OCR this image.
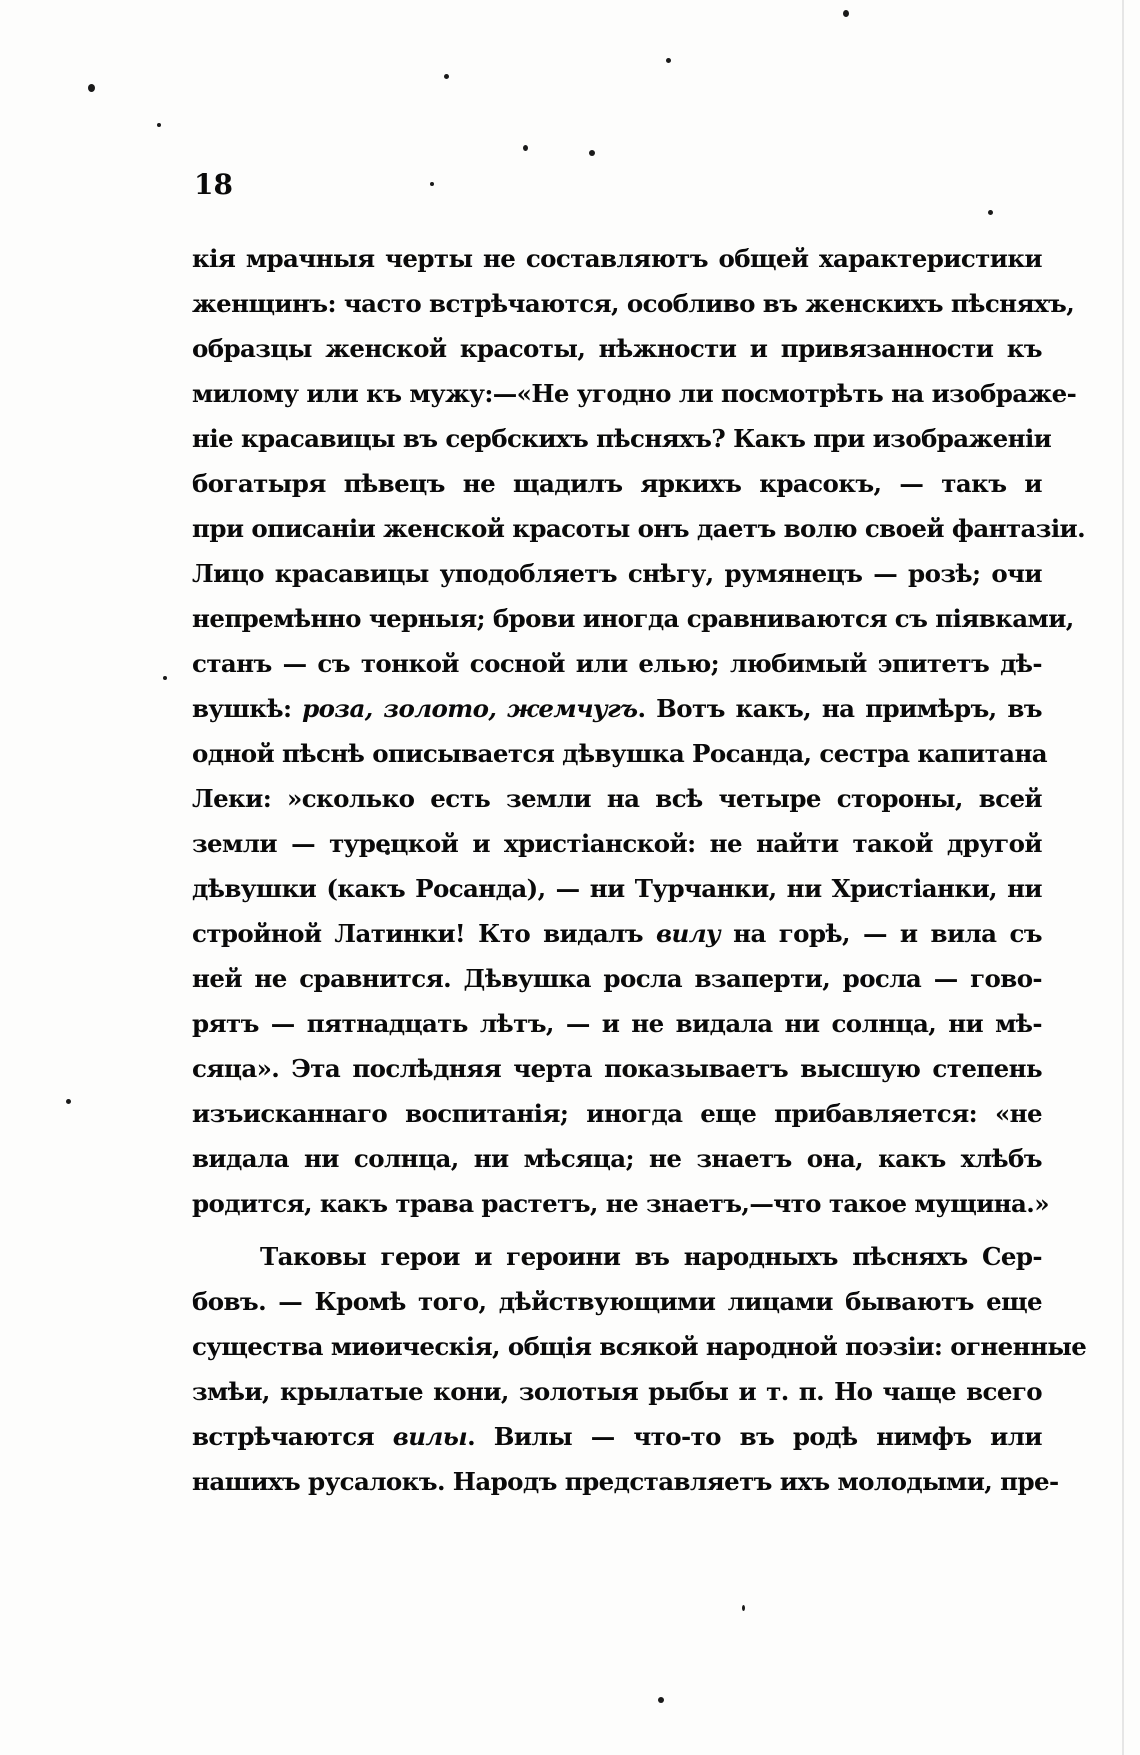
18
кія мрачныя черты не составляютъ общей характеристики
женщинъ: часто встрѣчаются, особливо въ женскихъ пѣсняхъ,
образцы женской красоты, нѣжности и привязанности къ
милому или къ мужу:—«Не угодно ли посмотрѣть на изображе-
ніе красавицы въ сербскихъ пѣсняхъ? Какъ при изображеніи
богатыря пѣвецъ не щадилъ яркихъ красокъ, — такъ и
при описаніи женской красоты онъ даетъ волю своей фантазіи.
Лицо красавицы уподобляетъ снѣгу, румянецъ — розѣ; очи
непремѣнно черныя; брови иногда сравниваются съ піявками,
станъ — съ тонкой сосной или елью; любимый эпитетъ дѣ-
вушкѣ: роза, золото, жемчугъ. Вотъ какъ, на примѣръ, въ
одной пѣснѣ описывается дѣвушка Росанда, сестра капитана
Леки: »сколько есть земли на всѣ четыре стороны, всей
земли — турецкой и христіанской: не найти такой другой
дѣвушки (какъ Росанда), — ни Турчанки, ни Христіанки, ни
стройной Латинки! Кто видалъ вилу на горѣ, — и вила съ
ней не сравнится. Дѣвушка росла взаперти, росла — гово-
рятъ — пятнадцать лѣтъ, — и не видала ни солнца, ни мѣ-
сяца». Эта послѣдняя черта показываетъ высшую степень
изъисканнаго воспитанія; иногда еще прибавляется: «не
видала ни солнца, ни мѣсяца; не знаетъ она, какъ хлѣбъ
родится, какъ трава растетъ, не знаетъ,—что такое мущина.»
Таковы герои и героини въ народныхъ пѣсняхъ Сер-
бовъ. — Кромѣ того, дѣйствующими лицами бываютъ еще
существа миѳическія, общія всякой народной поэзіи: огненные
змѣи, крылатые кони, золотыя рыбы и т. п. Но чаще всего
встрѣчаются вилы. Вилы — что-то въ родѣ нимфъ или
нашихъ русалокъ. Народъ представляетъ ихъ молодыми, пре-
